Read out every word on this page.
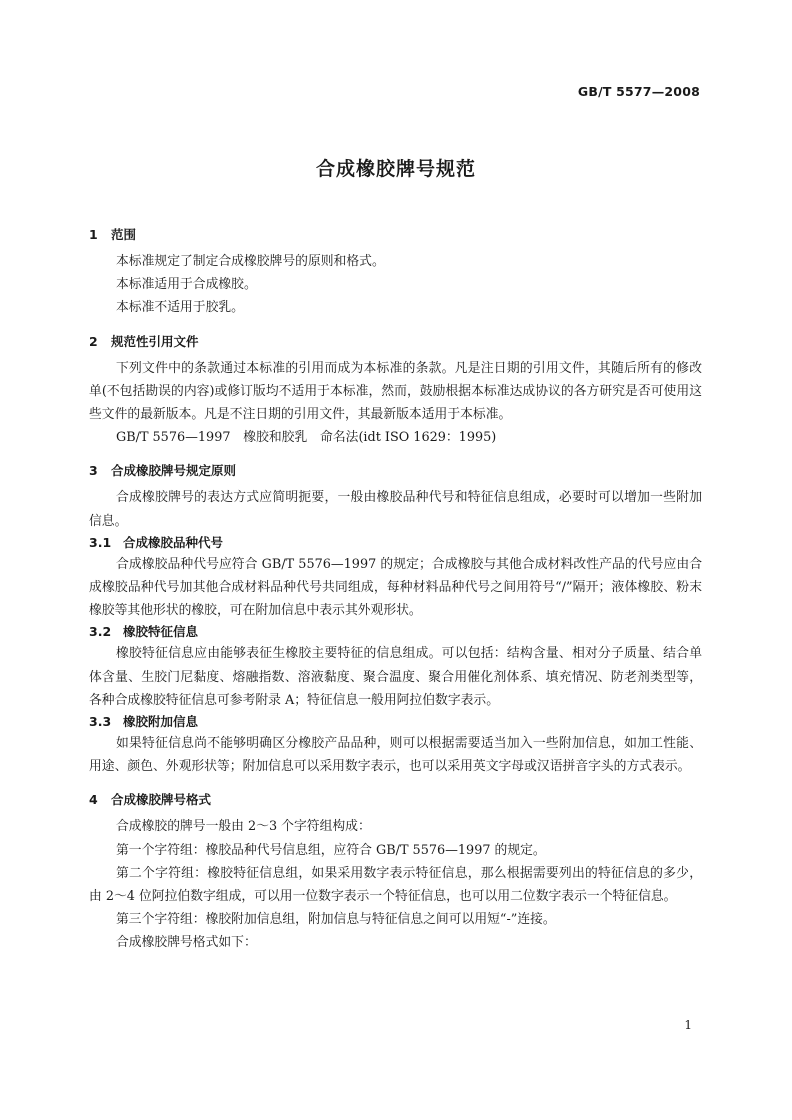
GB/T 5577—2008
合成橡胶牌号规范
1 范围

本标准规定了制定合成橡胶牌号的原则和格式。

本标准适用于合成橡胶。

本标准不适用于胶乳。

2 规范性引用文件

下列文件中的条款通过本标准的引用而成为本标准的条款。凡是注日期的引用文件，其随后所有的修改单(不包括勘误的内容)或修订版均不适用于本标准，然而，鼓励根据本标准达成协议的各方研究是否可使用这些文件的最新版本。凡是不注日期的引用文件，其最新版本适用于本标准。

GB/T 5576—1997　橡胶和胶乳　命名法(idt ISO 1629：1995)

3 合成橡胶牌号规定原则

合成橡胶牌号的表达方式应简明扼要，一般由橡胶品种代号和特征信息组成，必要时可以增加一些附加信息。

3.1 合成橡胶品种代号

合成橡胶品种代号应符合 GB/T 5576—1997 的规定；合成橡胶与其他合成材料改性产品的代号应由合成橡胶品种代号加其他合成材料品种代号共同组成，每种材料品种代号之间用符号“/”隔开；液体橡胶、粉末橡胶等其他形状的橡胶，可在附加信息中表示其外观形状。

3.2 橡胶特征信息

橡胶特征信息应由能够表征生橡胶主要特征的信息组成。可以包括：结构含量、相对分子质量、结合单体含量、生胶门尼黏度、熔融指数、溶液黏度、聚合温度、聚合用催化剂体系、填充情况、防老剂类型等，各种合成橡胶特征信息可参考附录 A；特征信息一般用阿拉伯数字表示。

3.3 橡胶附加信息

如果特征信息尚不能够明确区分橡胶产品品种，则可以根据需要适当加入一些附加信息，如加工性能、用途、颜色、外观形状等；附加信息可以采用数字表示，也可以采用英文字母或汉语拼音字头的方式表示。

4 合成橡胶牌号格式

合成橡胶的牌号一般由 2～3 个字符组构成：

第一个字符组：橡胶品种代号信息组，应符合 GB/T 5576—1997 的规定。

第二个字符组：橡胶特征信息组，如果采用数字表示特征信息，那么根据需要列出的特征信息的多少，由 2～4 位阿拉伯数字组成，可以用一位数字表示一个特征信息，也可以用二位数字表示一个特征信息。

第三个字符组：橡胶附加信息组，附加信息与特征信息之间可以用短“-”连接。

合成橡胶牌号格式如下：

1
